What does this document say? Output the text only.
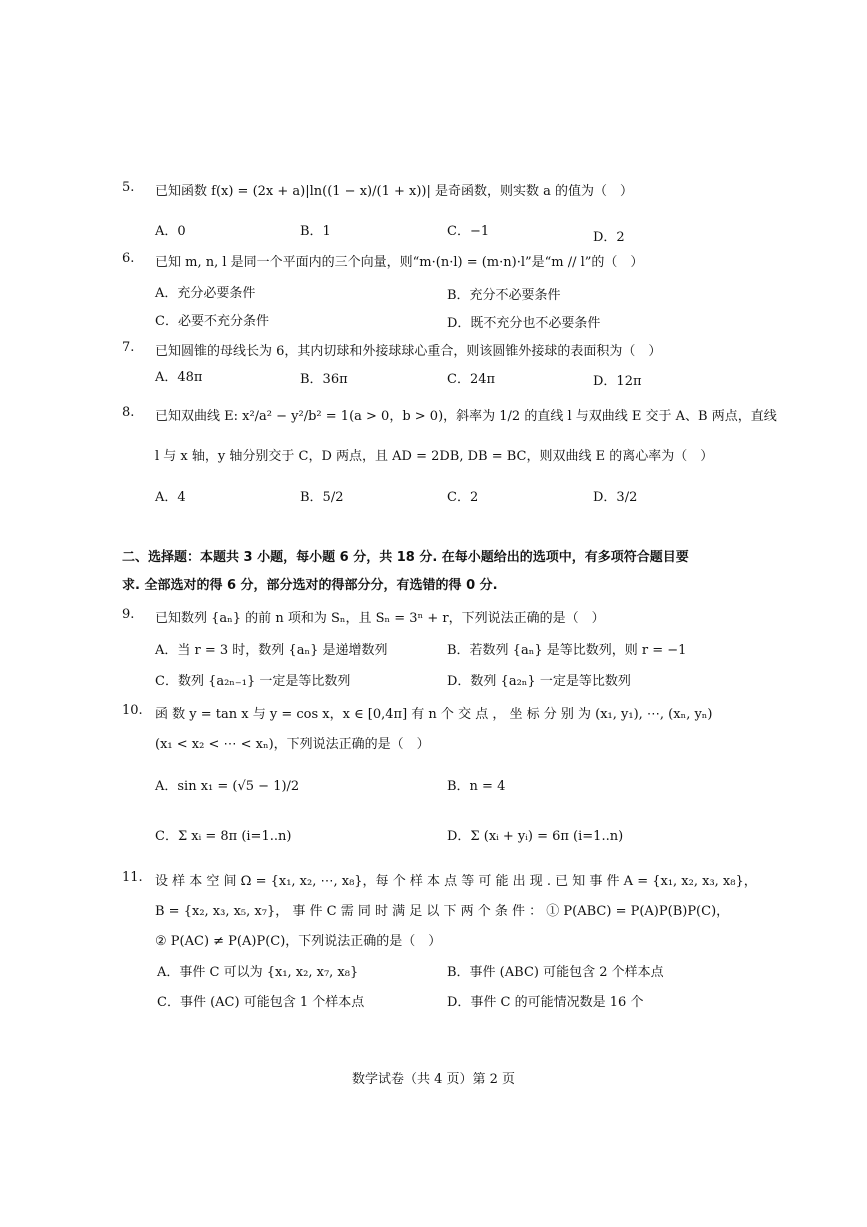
5. 已知函数 f(x) = (2x + a)|ln((1 − x)/(1 + x))| 是奇函数，则实数 a 的值为（　）
A．0	B．1	C．−1	D．2
6. 已知 m, n, l 是同一个平面内的三个向量，则“m·(n·l) = (m·n)·l”是“m // l”的（　）
A．充分必要条件	B．充分不必要条件
C．必要不充分条件	D．既不充分也不必要条件
7. 已知圆锥的母线长为 6，其内切球和外接球球心重合，则该圆锥外接球的表面积为（　）
A．48π	B．36π	C．24π	D．12π
8. 已知双曲线 E: x²/a² − y²/b² = 1(a > 0，b > 0)，斜率为 1/2 的直线 l 与双曲线 E 交于 A、B 两点，直线
l 与 x 轴，y 轴分别交于 C，D 两点，且 AD = 2DB, DB = BC，则双曲线 E 的离心率为（　）
A．4	B．5/2	C．2	D．3/2
二、选择题：本题共 3 小题，每小题 6 分，共 18 分. 在每小题给出的选项中，有多项符合题目要
求. 全部选对的得 6 分，部分选对的得部分分，有选错的得 0 分.
9. 已知数列 {aₙ} 的前 n 项和为 Sₙ，且 Sₙ = 3ⁿ + r，下列说法正确的是（　）
A．当 r = 3 时，数列 {aₙ} 是递增数列	B．若数列 {aₙ} 是等比数列，则 r = −1
C．数列 {a₂ₙ₋₁} 一定是等比数列	D．数列 {a₂ₙ} 一定是等比数列
10. 函 数 y = tan x 与 y = cos x，x ∈ [0,4π] 有 n 个 交 点 ， 坐 标 分 别 为 (x₁, y₁), ⋯, (xₙ, yₙ)
(x₁ < x₂ < ⋯ < xₙ)，下列说法正确的是（　）
A．sin x₁ = (√5 − 1)/2	B．n = 4
C．Σ xᵢ = 8π (i=1..n)	D．Σ (xᵢ + yᵢ) = 6π (i=1..n)
11. 设 样 本 空 间 Ω = {x₁, x₂, ⋯, x₈}，每 个 样 本 点 等 可 能 出 现 . 已 知 事 件 A = {x₁, x₂, x₃, x₈}，
B = {x₂, x₃, x₅, x₇}， 事 件 C 需 同 时 满 足 以 下 两 个 条 件 ： ① P(ABC) = P(A)P(B)P(C)，
② P(AC) ≠ P(A)P(C)，下列说法正确的是（　）
A．事件 C 可以为 {x₁, x₂, x₇, x₈}	B．事件 (ABC) 可能包含 2 个样本点
C．事件 (AC) 可能包含 1 个样本点	D．事件 C 的可能情况数是 16 个
数学试卷（共 4 页）第 2 页
